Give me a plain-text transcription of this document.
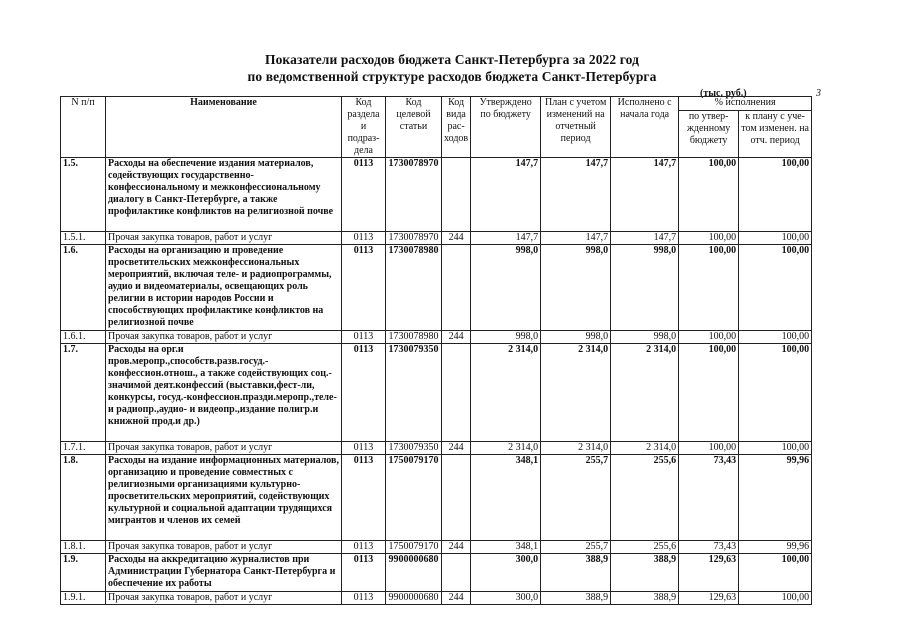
Показатели расходов бюджета Санкт-Петербурга за 2022 год
по ведомственной структуре расходов бюджета Санкт-Петербурга
(тыс. руб.)	3
N п/п	Наименование	Код раздела и подраз-дела	Код целевой статьи	Код вида рас-ходов	Утверждено по бюджету	План с учетом изменений на отчетный период	Исполнено с начала года	% исполнения	
								по утвер-жденному бюджету	к плану с уче-том изменен. на отч. период
1.5.	Расходы на обеспечение издания материалов, содействующих государственно-конфессиональному и межконфессиональному диалогу в Санкт-Петербурге, а также профилактике конфликтов на религиозной почве	0113	1730078970		147,7	147,7	147,7	100,00	100,00
1.5.1.	Прочая закупка товаров, работ и услуг	0113	1730078970	244	147,7	147,7	147,7	100,00	100,00
1.6.	Расходы на организацию и проведение просветительских межконфессиональных мероприятий, включая теле- и радиопрограммы, аудио и видеоматериалы, освещающих роль религии в истории народов России и способствующих профилактике конфликтов на религиозной почве	0113	1730078980		998,0	998,0	998,0	100,00	100,00
1.6.1.	Прочая закупка товаров, работ и услуг	0113	1730078980	244	998,0	998,0	998,0	100,00	100,00
1.7.	Расходы на орг.и пров.меропр.,способств.разв.госуд.-конфессион.отнош., а также содействующих соц.-значимой деят.конфессий (выставки,фест-ли, конкурсы, госуд.-конфессион.празди.меропр.,теле- и радиопр.,аудио- и видеопр.,издание полигр.и книжной прод.и др.)	0113	1730079350		2 314,0	2 314,0	2 314,0	100,00	100,00
1.7.1.	Прочая закупка товаров, работ и услуг	0113	1730079350	244	2 314,0	2 314,0	2 314,0	100,00	100,00
1.8.	Расходы на издание информационных материалов, организацию и проведение совместных с религиозными организациями культурно-просветительских мероприятий, содействующих культурной и социальной адаптации трудящихся мигрантов и членов их семей	0113	1750079170		348,1	255,7	255,6	73,43	99,96
1.8.1.	Прочая закупка товаров, работ и услуг	0113	1750079170	244	348,1	255,7	255,6	73,43	99,96
1.9.	Расходы на аккредитацию журналистов при Администрации Губернатора Санкт-Петербурга и обеспечение их работы	0113	9900000680		300,0	388,9	388,9	129,63	100,00
1.9.1.	Прочая закупка товаров, работ и услуг	0113	9900000680	244	300,0	388,9	388,9	129,63	100,00
